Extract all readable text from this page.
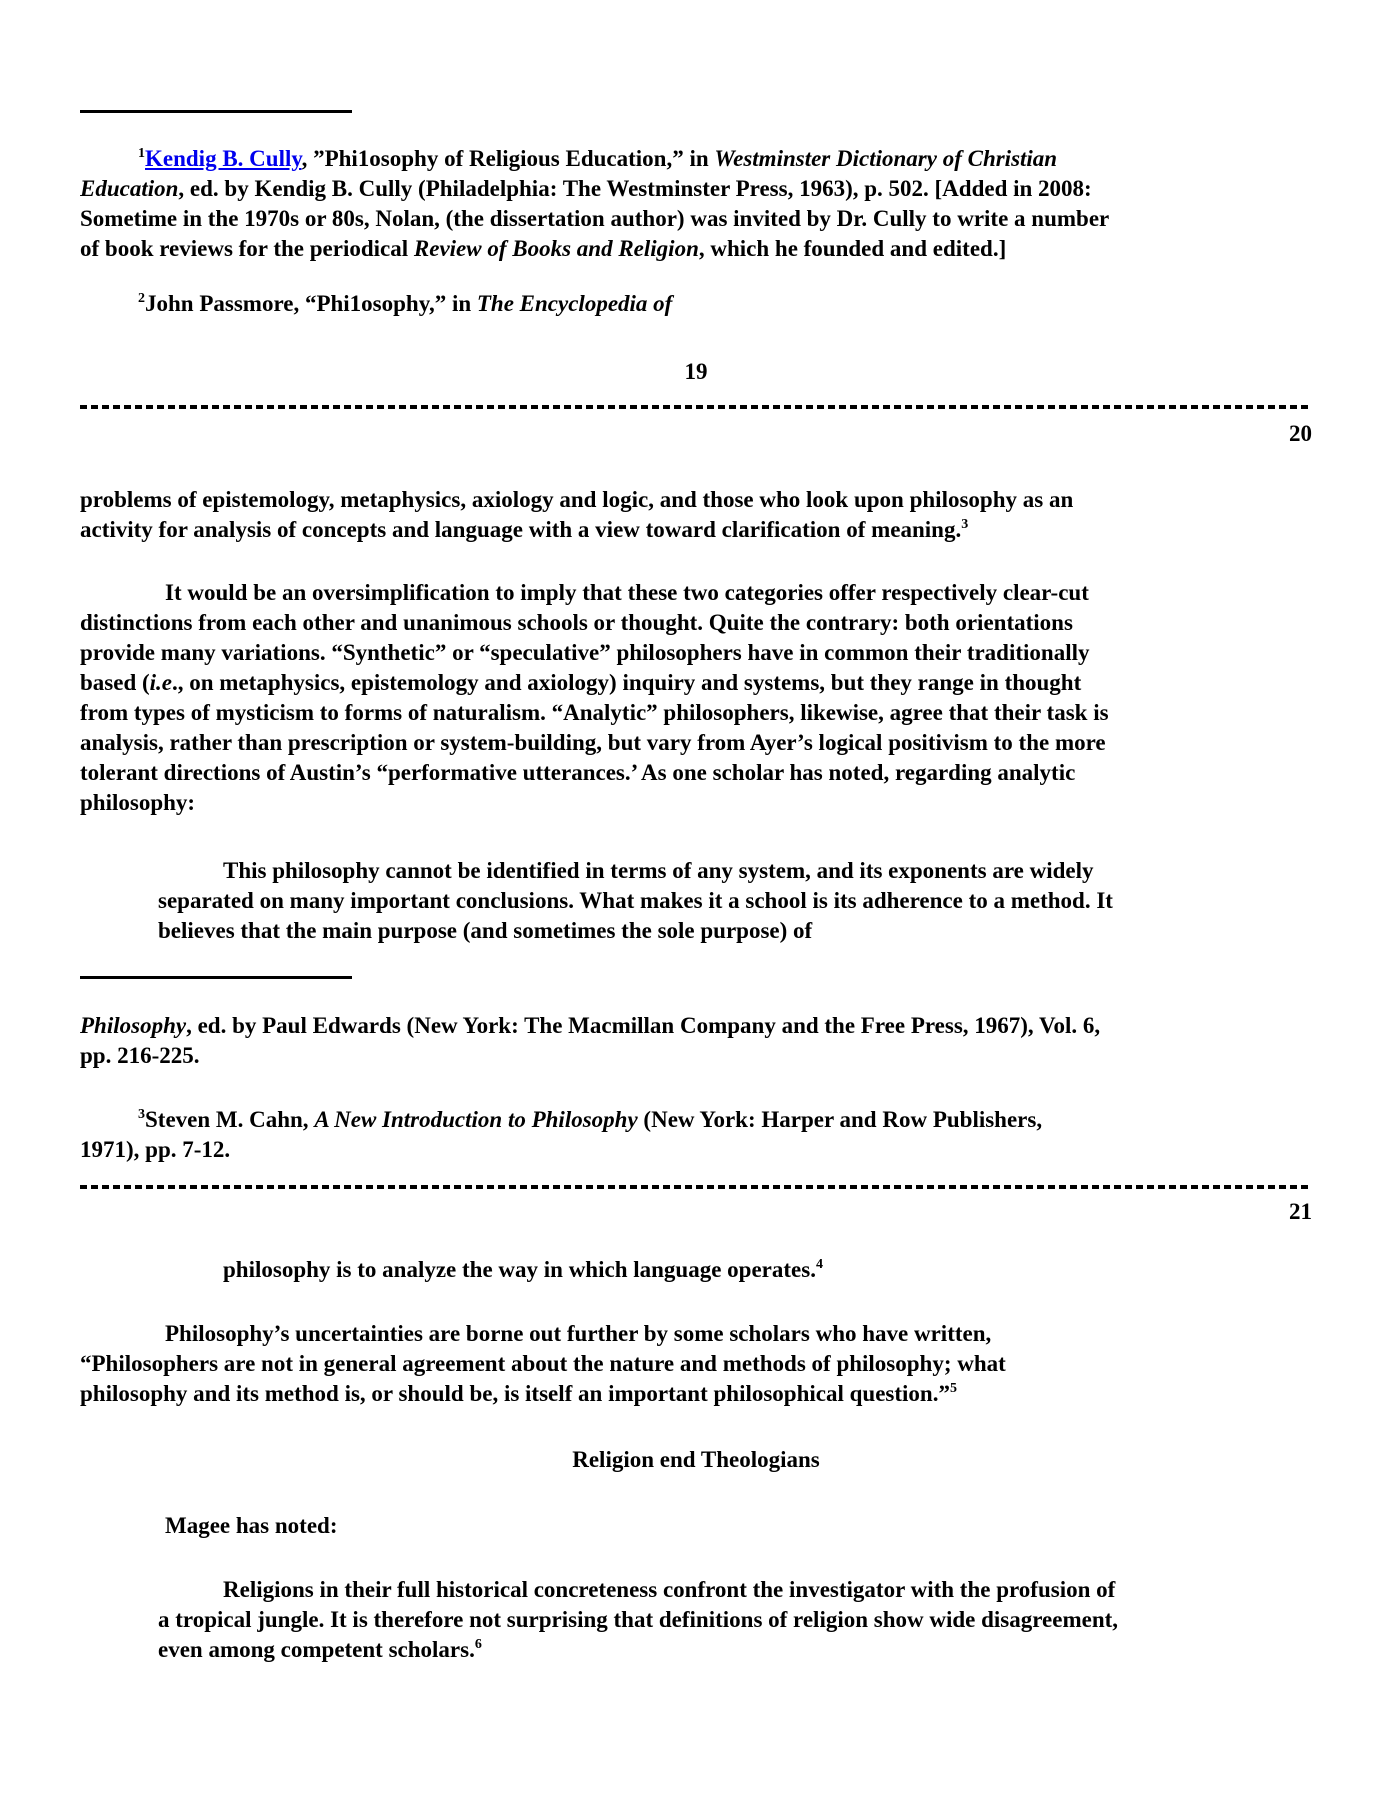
$^1$Kendig B. Cully, ”Phi1osophy of Religious Education,” in Westminster Dictionary of Christian
Education, ed. by Kendig B. Cully (Philadelphia: The Westminster Press, 1963), p. 502. [Added in 2008:
Sometime in the 1970s or 80s, Nolan, (the dissertation author) was invited by Dr. Cully to write a number
of book reviews for the periodical Review of Books and Religion, which he founded and edited.]
$^2$John Passmore, “Phi1osophy,” in The Encyclopedia of
19
20
problems of epistemology, metaphysics, axiology and logic, and those who look upon philosophy as an
activity for analysis of concepts and language with a view toward clarification of meaning.$^3$
It would be an oversimplification to imply that these two categories offer respectively clear-cut
distinctions from each other and unanimous schools or thought. Quite the contrary: both orientations
provide many variations. “Synthetic” or “speculative” philosophers have in common their traditionally
based (i.e., on metaphysics, epistemology and axiology) inquiry and systems, but they range in thought
from types of mysticism to forms of naturalism. “Analytic” philosophers, likewise, agree that their task is
analysis, rather than prescription or system-building, but vary from Ayer’s logical positivism to the more
tolerant directions of Austin’s “performative utterances.’ As one scholar has noted, regarding analytic
philosophy:
This philosophy cannot be identified in terms of any system, and its exponents are widely
separated on many important conclusions. What makes it a school is its adherence to a method. It
believes that the main purpose (and sometimes the sole purpose) of
Philosophy, ed. by Paul Edwards (New York: The Macmillan Company and the Free Press, 1967), Vol. 6,
pp. 216-225.
$^3$Steven M. Cahn, A New Introduction to Philosophy (New York: Harper and Row Publishers,
1971), pp. 7-12.
21
philosophy is to analyze the way in which language operates.$^4$
Philosophy’s uncertainties are borne out further by some scholars who have written,
“Philosophers are not in general agreement about the nature and methods of philosophy; what
philosophy and its method is, or should be, is itself an important philosophical question.”$^5$
Religion end Theologians
Magee has noted:
Religions in their full historical concreteness confront the investigator with the profusion of
a tropical jungle. It is therefore not surprising that definitions of religion show wide disagreement,
even among competent scholars.$^6$
